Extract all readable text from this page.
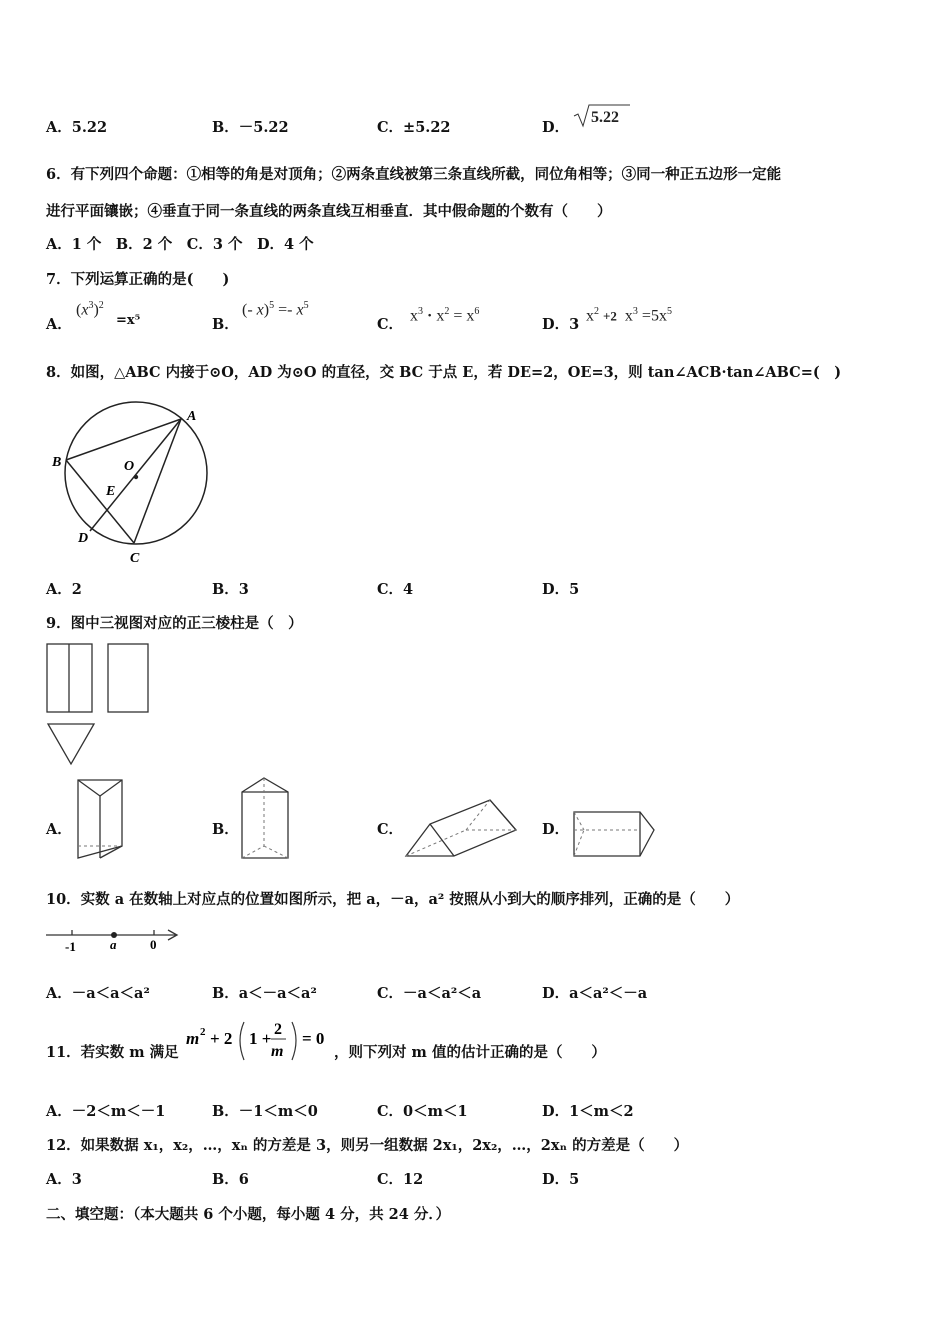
A．5.22	B．－5.22	C．±5.22	D．
5.22
6．有下列四个命题：①相等的角是对顶角；②两条直线被第三条直线所截，同位角相等；③同一种正五边形一定能
进行平面镶嵌；④垂直于同一条直线的两条直线互相垂直．其中假命题的个数有（　　）
A．1 个　B．2 个　C．3 个　D．4 个
7．下列运算正确的是(　　)
A．
$(x^3)^2$
=x⁵	B．
(- $x)^5 =- x^5$
C．
$x^3 \cdot x^2 = x^6$
D．3
$x^2 +2$  $x^3 =5x^5$
8．如图，△ABC 内接于⊙O，AD 为⊙O 的直径，交 BC 于点 E，若 DE=2，OE=3，则 tan∠ACB·tan∠ABC=(　)
A
B
C
D
E
O
A．2	B．3	C．4	D．5
9．图中三视图对应的正三棱柱是（　）
A．	B．	C．	D．
10．实数 a 在数轴上对应点的位置如图所示，把 a，－a，a² 按照从小到大的顺序排列，正确的是（　　）
-1	a	0
A．－a＜a＜a²	B．a＜－a＜a²	C．－a＜a²＜a	D．a＜a²＜－a
11．若实数 m 满足
m 2 + 2 1 + 2
m
= 0
，则下列对 m 值的估计正确的是（　　）
A．－2＜m＜－1	B．－1＜m＜0	C．0＜m＜1	D．1＜m＜2
12．如果数据 x₁，x₂，…，xₙ 的方差是 3，则另一组数据 2x₁，2x₂，…，2xₙ 的方差是（　　）
A．3	B．6	C．12	D．5
二、填空题：（本大题共 6 个小题，每小题 4 分，共 24 分．）
